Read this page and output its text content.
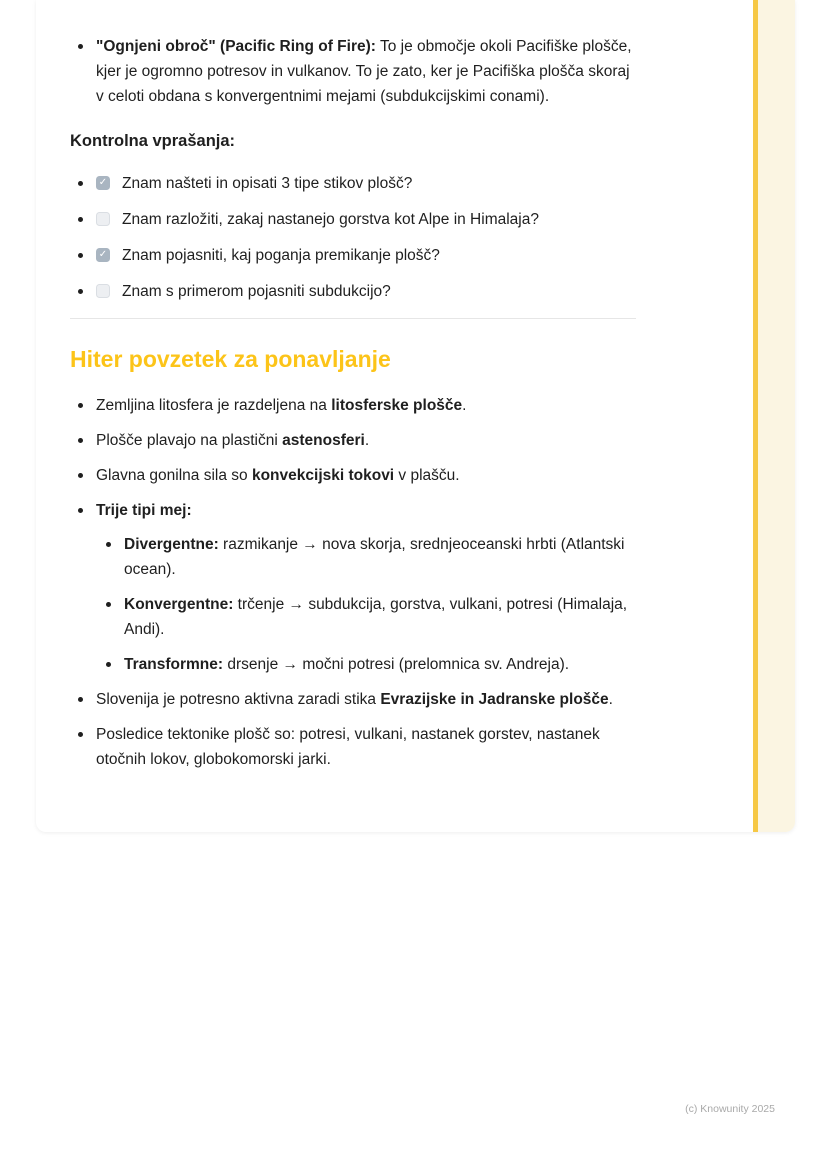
"Ognjeni obroč" (Pacific Ring of Fire): To je območje okoli Pacifiške plošče, kjer je ogromno potresov in vulkanov. To je zato, ker je Pacifiška plošča skoraj v celoti obdana s konvergentnimi mejami (subdukcijskimi conami).
Kontrolna vprašanja:
✓
Znam našteti in opisati 3 tipe stikov plošč?
Znam razložiti, zakaj nastanejo gorstva kot Alpe in Himalaja?
✓
Znam pojasniti, kaj poganja premikanje plošč?
Znam s primerom pojasniti subdukcijo?
Hiter povzetek za ponavljanje
Zemljina litosfera je razdeljena na litosferske plošče.
Plošče plavajo na plastični astenosferi.
Glavna gonilna sila so konvekcijski tokovi v plašču.
Trije tipi mej:
Divergentne: razmikanje → nova skorja, srednjeoceanski hrbti (Atlantski ocean).
Konvergentne: trčenje → subdukcija, gorstva, vulkani, potresi (Himalaja, Andi).
Transformne: drsenje → močni potresi (prelomnica sv. Andreja).
Slovenija je potresno aktivna zaradi stika Evrazijske in Jadranske plošče.
Posledice tektonike plošč so: potresi, vulkani, nastanek gorstev, nastanek otočnih lokov, globokomorski jarki.
(c) Knowunity 2025
